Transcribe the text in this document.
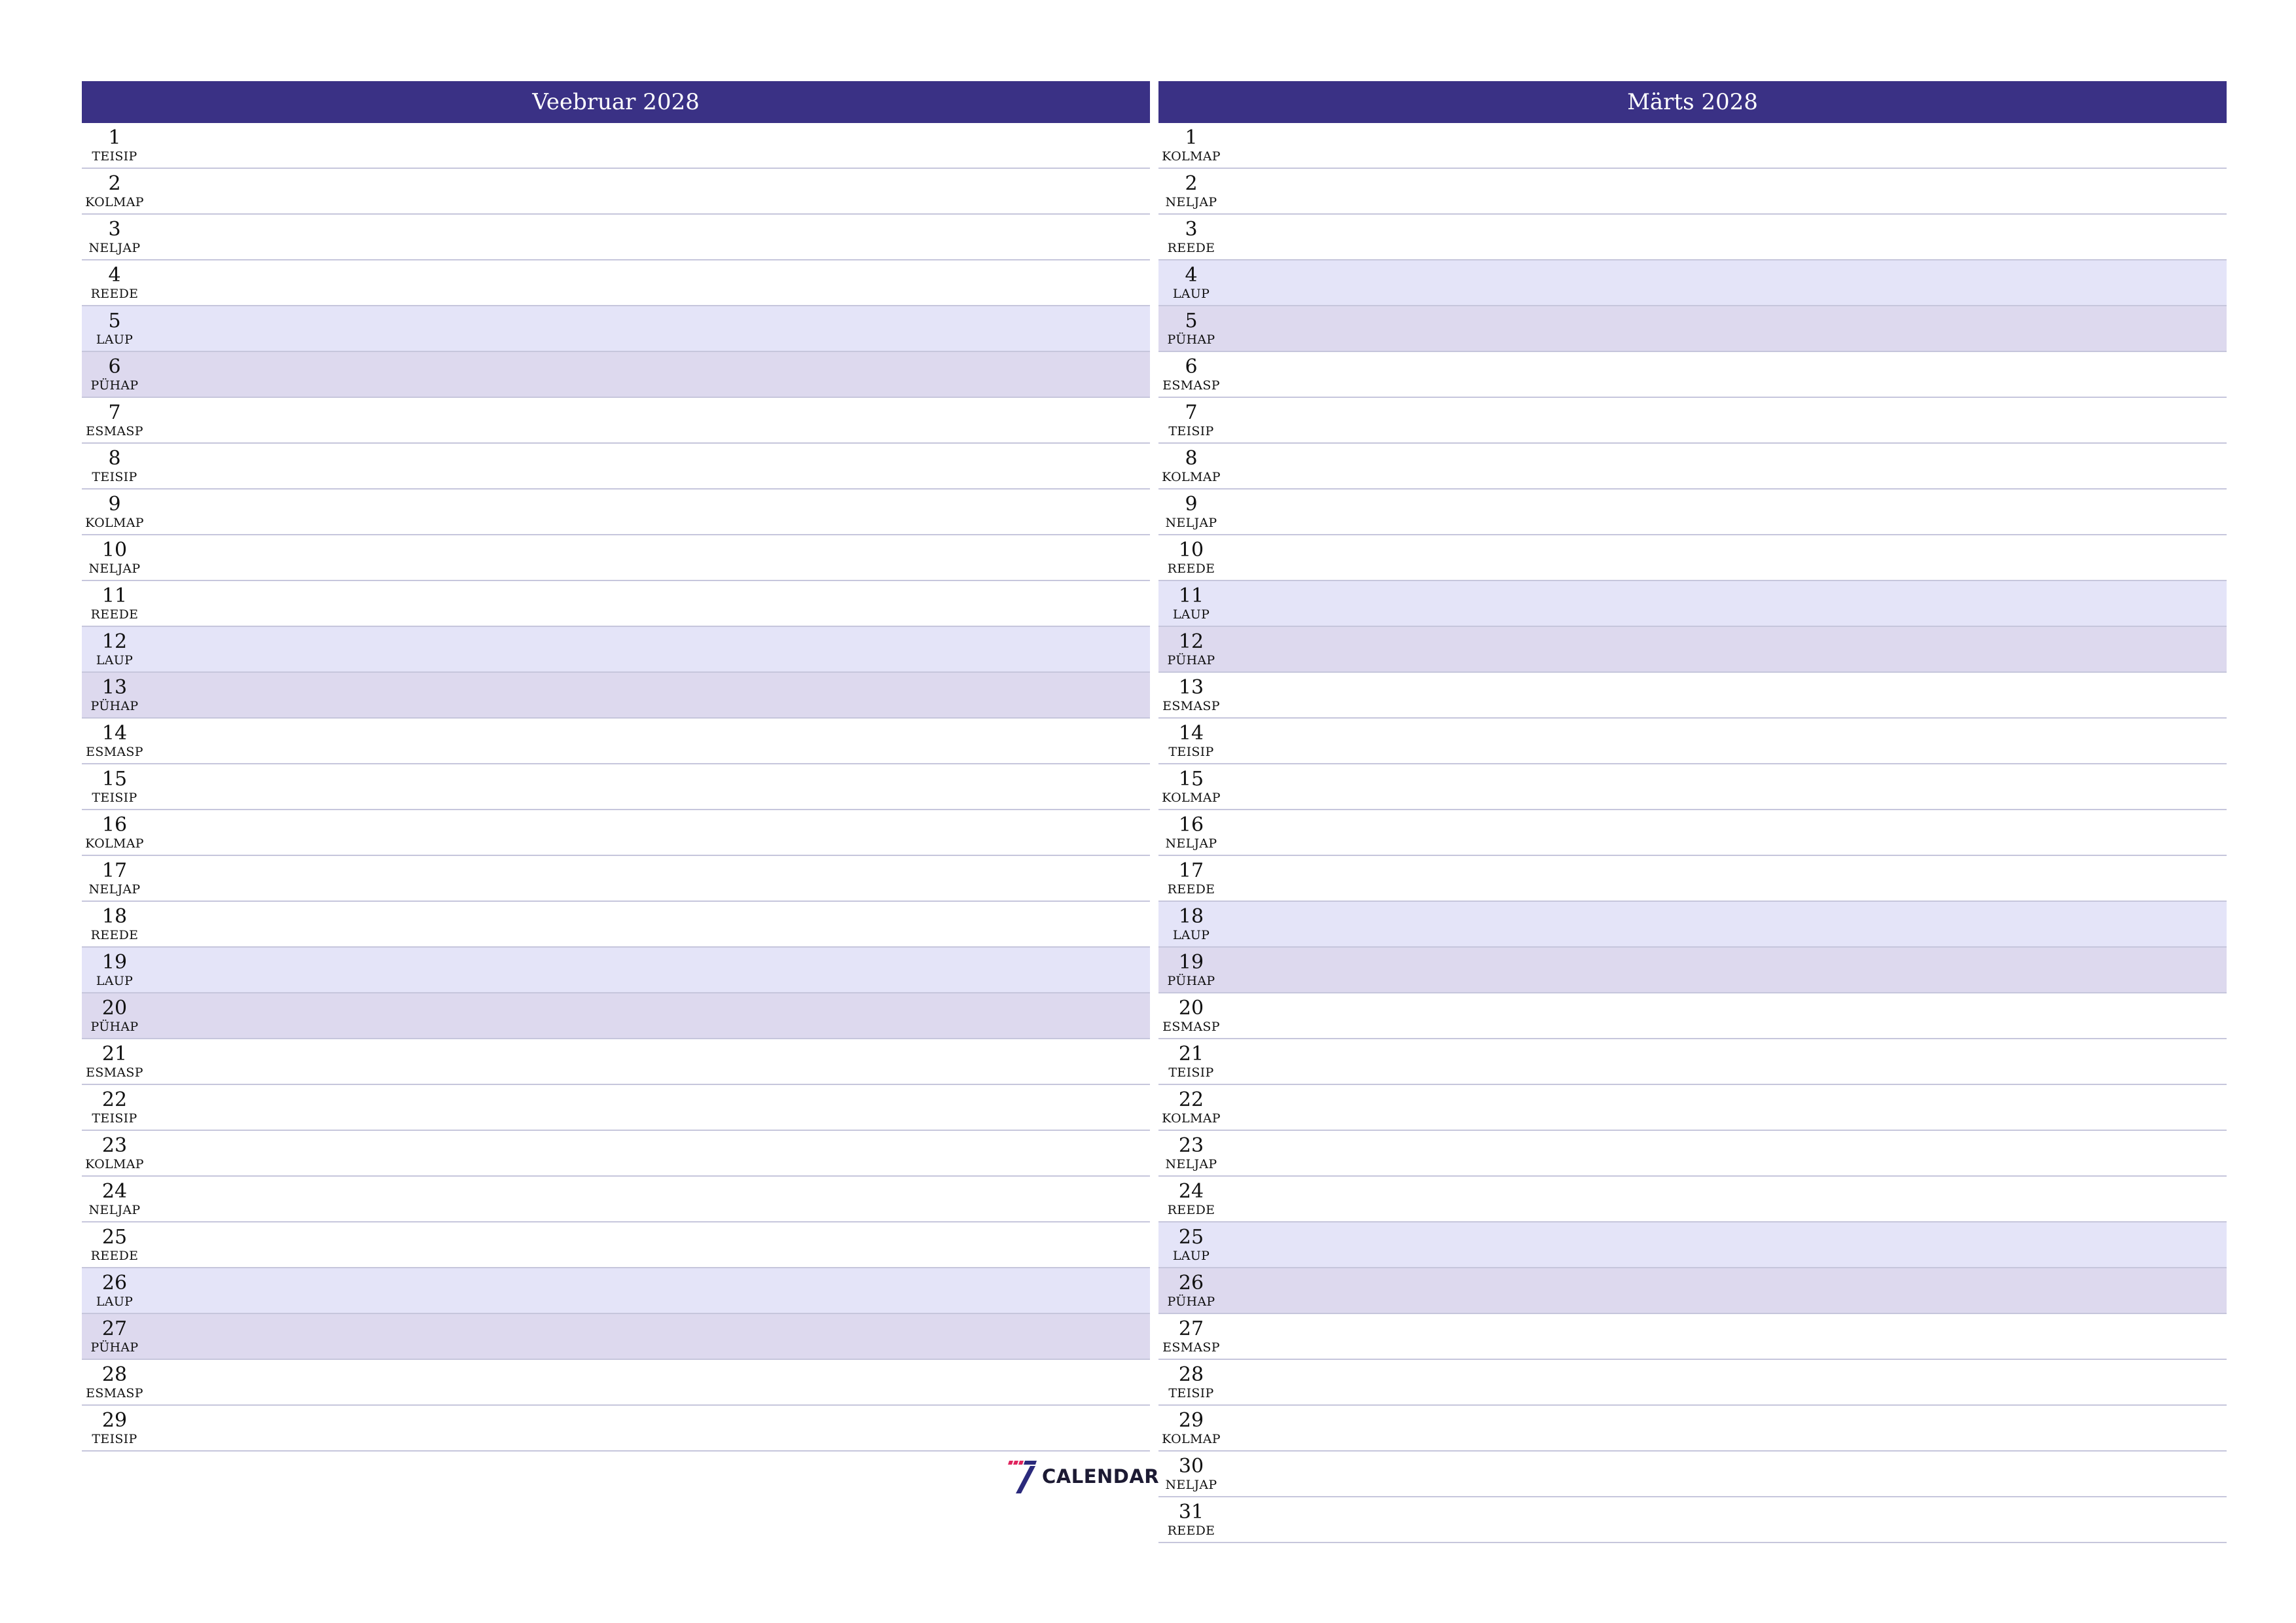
Veebruar 2028
1
TEISIP
2
KOLMAP
3
NELJAP
4
REEDE
5
LAUP
6
PÜHAP
7
ESMASP
8
TEISIP
9
KOLMAP
10
NELJAP
11
REEDE
12
LAUP
13
PÜHAP
14
ESMASP
15
TEISIP
16
KOLMAP
17
NELJAP
18
REEDE
19
LAUP
20
PÜHAP
21
ESMASP
22
TEISIP
23
KOLMAP
24
NELJAP
25
REEDE
26
LAUP
27
PÜHAP
28
ESMASP
29
TEISIP
Märts 2028
1
KOLMAP
2
NELJAP
3
REEDE
4
LAUP
5
PÜHAP
6
ESMASP
7
TEISIP
8
KOLMAP
9
NELJAP
10
REEDE
11
LAUP
12
PÜHAP
13
ESMASP
14
TEISIP
15
KOLMAP
16
NELJAP
17
REEDE
18
LAUP
19
PÜHAP
20
ESMASP
21
TEISIP
22
KOLMAP
23
NELJAP
24
REEDE
25
LAUP
26
PÜHAP
27
ESMASP
28
TEISIP
29
KOLMAP
30
NELJAP
31
REEDE
CALENDAR
